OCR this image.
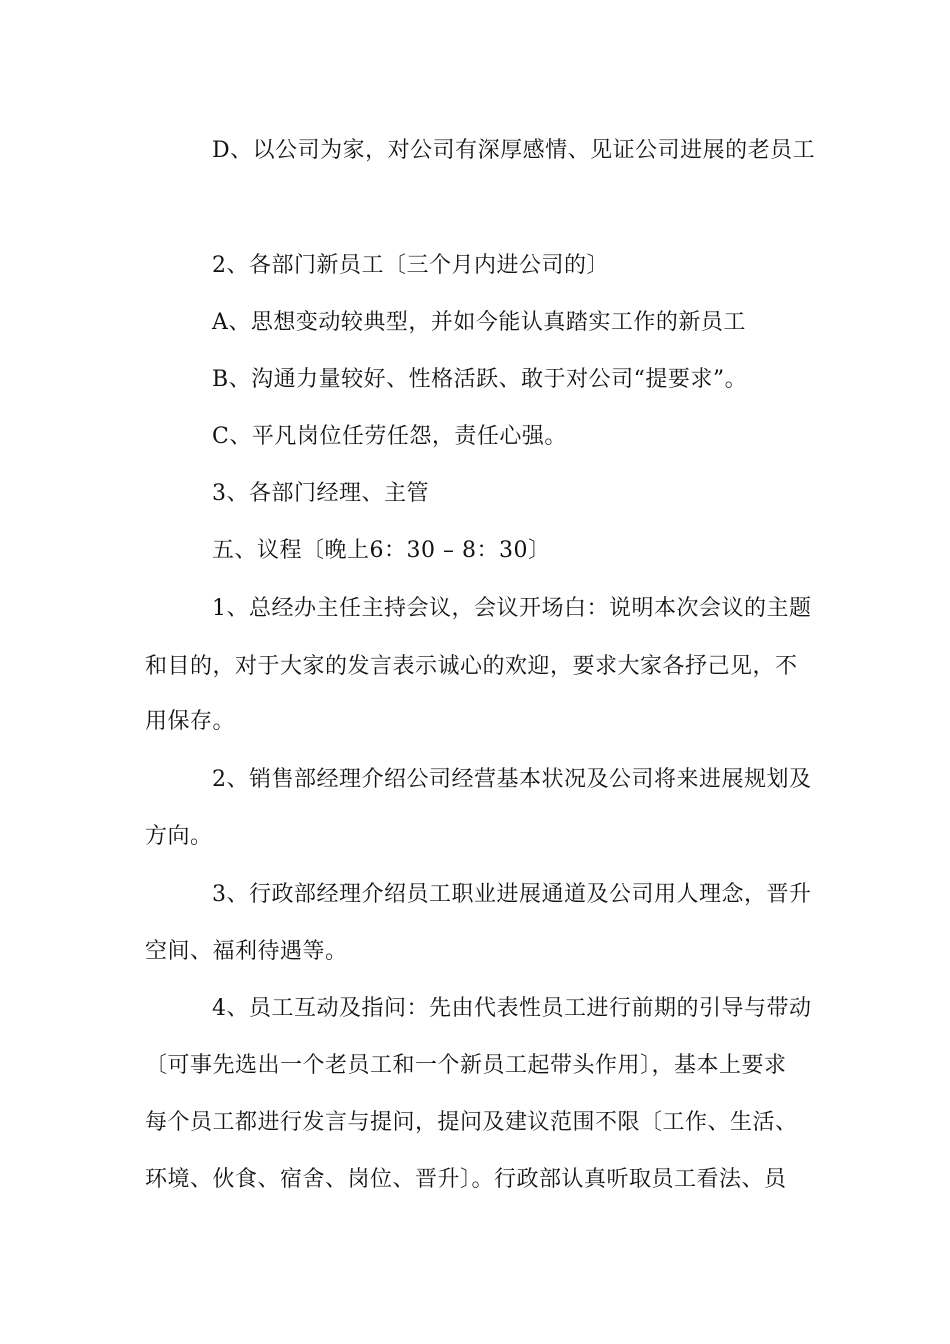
D、以公司为家，对公司有深厚感情、见证公司进展的老员工
2、各部门新员工〔三个月内进公司的〕
A、思想变动较典型，并如今能认真踏实工作的新员工
B、沟通力量较好、性格活跃、敢于对公司“提要求”。
C、平凡岗位任劳任怨，责任心强。
3、各部门经理、主管
五、议程〔晚上6：30 – 8：30〕
1、总经办主任主持会议，会议开场白：说明本次会议的主题
和目的，对于大家的发言表示诚心的欢迎，要求大家各抒己见，不
用保存。
2、销售部经理介绍公司经营基本状况及公司将来进展规划及
方向。
3、行政部经理介绍员工职业进展通道及公司用人理念，晋升
空间、福利待遇等。
4、员工互动及指问：先由代表性员工进行前期的引导与带动
〔可事先选出一个老员工和一个新员工起带头作用〕，基本上要求
每个员工都进行发言与提问，提问及建议范围不限〔工作、生活、
环境、伙食、宿舍、岗位、晋升〕。行政部认真听取员工看法、员
